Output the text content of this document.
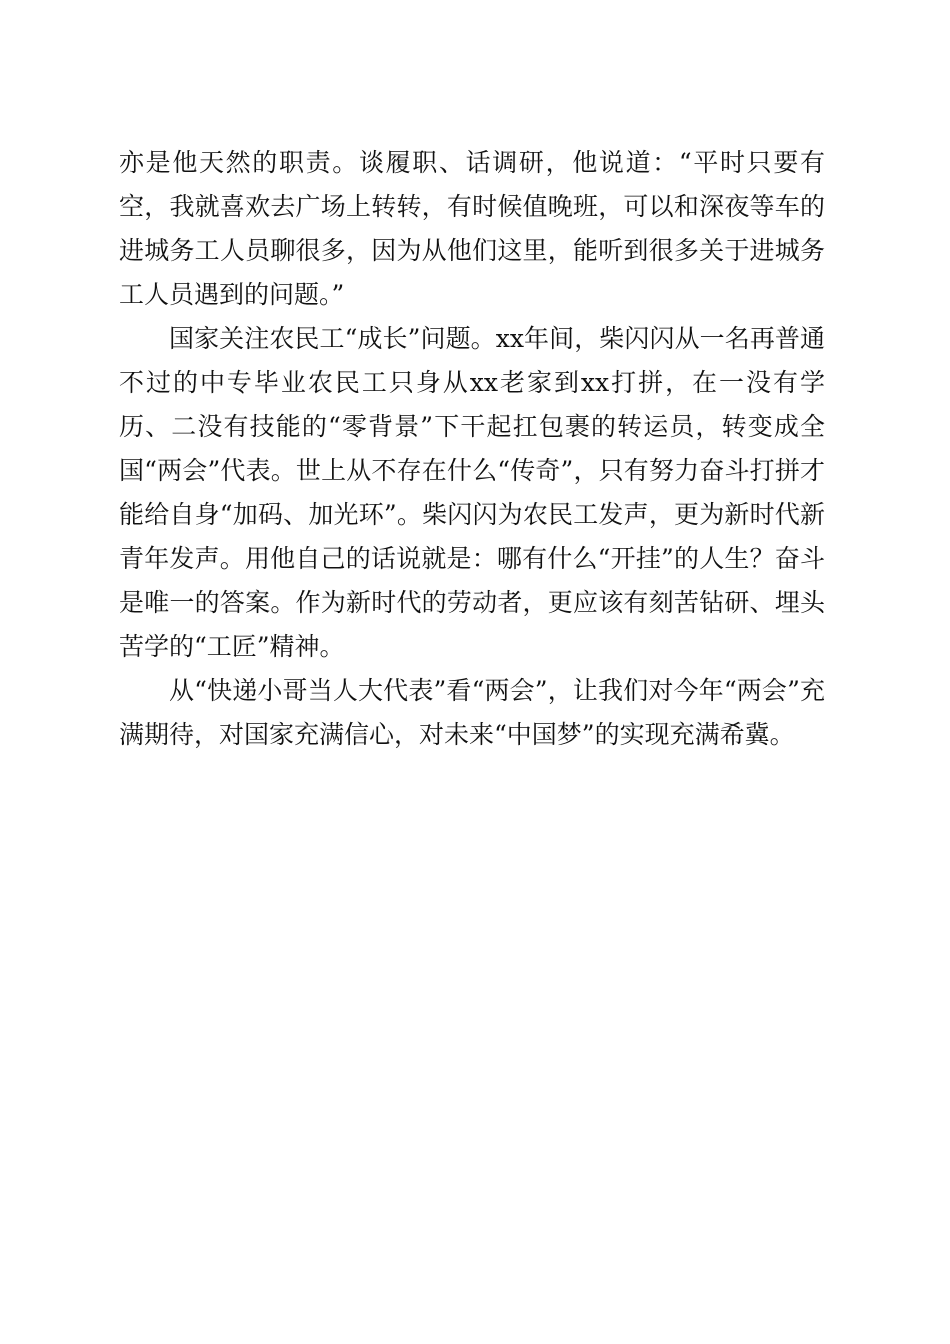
亦是他天然的职责。谈履职、话调研，他说道：“平时只要有空，我就喜欢去广场上转转，有时候值晚班，可以和深夜等车的进城务工人员聊很多，因为从他们这里，能听到很多关于进城务工人员遇到的问题。”

国家关注农民工“成长”问题。xx年间，柴闪闪从一名再普通不过的中专毕业农民工只身从xx老家到xx打拼，在一没有学历、二没有技能的“零背景”下干起扛包裹的转运员，转变成全国“两会”代表。世上从不存在什么“传奇”，只有努力奋斗打拼才能给自身“加码、加光环”。柴闪闪为农民工发声，更为新时代新青年发声。用他自己的话说就是：哪有什么“开挂”的人生？奋斗是唯一的答案。作为新时代的劳动者，更应该有刻苦钻研、埋头苦学的“工匠”精神。

从“快递小哥当人大代表”看“两会”，让我们对今年“两会”充满期待，对国家充满信心，对未来“中国梦”的实现充满希冀。
